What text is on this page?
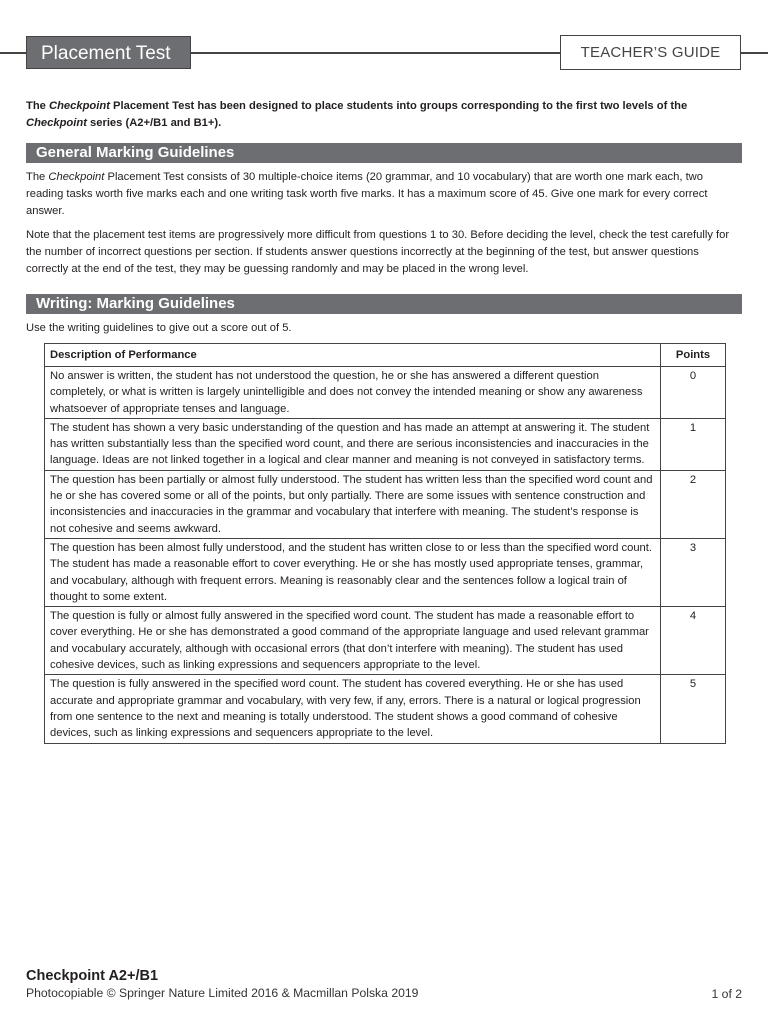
Placement Test	TEACHER’S GUIDE
The Checkpoint Placement Test has been designed to place students into groups corresponding to the first two levels of the Checkpoint series (A2+/B1 and B1+).
General Marking Guidelines

The Checkpoint Placement Test consists of 30 multiple-choice items (20 grammar, and 10 vocabulary) that are worth one mark each, two reading tasks worth five marks each and one writing task worth five marks. It has a maximum score of 45. Give one mark for every correct answer.

Note that the placement test items are progressively more difficult from questions 1 to 30. Before deciding the level, check the test carefully for the number of incorrect questions per section. If students answer questions incorrectly at the beginning of the test, but answer questions correctly at the end of the test, they may be guessing randomly and may be placed in the wrong level.

Writing: Marking Guidelines

Use the writing guidelines to give out a score out of 5.

Description of Performance	Points
No answer is written, the student has not understood the question, he or she has answered a different question completely, or what is written is largely unintelligible and does not convey the intended meaning or show any awareness whatsoever of appropriate tenses and language.	0
The student has shown a very basic understanding of the question and has made an attempt at answering it. The student has written substantially less than the specified word count, and there are serious inconsistencies and inaccuracies in the language. Ideas are not linked together in a logical and clear manner and meaning is not conveyed in satisfactory terms.	1
The question has been partially or almost fully understood. The student has written less than the specified word count and he or she has covered some or all of the points, but only partially. There are some issues with sentence construction and inconsistencies and inaccuracies in the grammar and vocabulary that interfere with meaning. The student’s response is not cohesive and seems awkward.	2
The question has been almost fully understood, and the student has written close to or less than the specified word count. The student has made a reasonable effort to cover everything. He or she has mostly used appropriate tenses, grammar, and vocabulary, although with frequent errors. Meaning is reasonably clear and the sentences follow a logical train of thought to some extent.	3
The question is fully or almost fully answered in the specified word count. The student has made a reasonable effort to cover everything. He or she has demonstrated a good command of the appropriate language and used relevant grammar and vocabulary accurately, although with occasional errors (that don’t interfere with meaning). The student has used cohesive devices, such as linking expressions and sequencers appropriate to the level.	4
The question is fully answered in the specified word count. The student has covered everything. He or she has used accurate and appropriate grammar and vocabulary, with very few, if any, errors. There is a natural or logical progression from one sentence to the next and meaning is totally understood. The student shows a good command of cohesive devices, such as linking expressions and sequencers appropriate to the level.	5
Checkpoint A2+/B1
Photocopiable © Springer Nature Limited 2016 & Macmillan Polska 2019	1 of 2
